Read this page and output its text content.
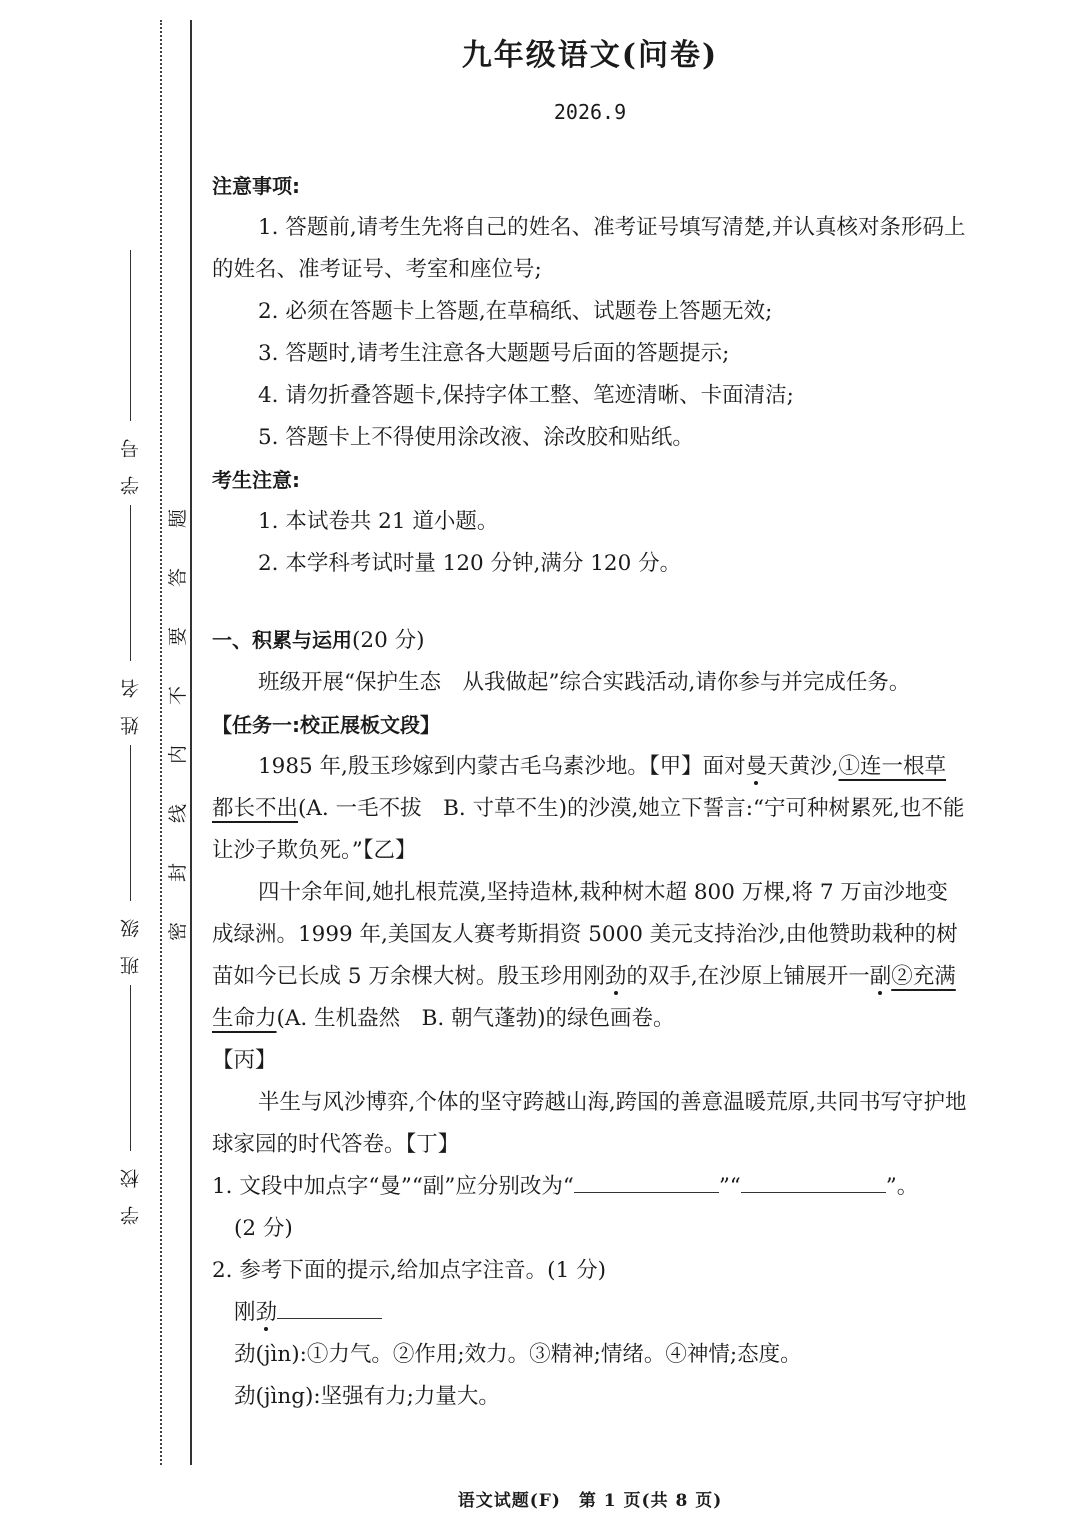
学号
姓名
班级
学校
题
答
要
不
内
线
封
密
九年级语文(问卷)
2026.9

注意事项:

1. 答题前,请考生先将自己的姓名、准考证号填写清楚,并认真核对条形码上的姓名、准考证号、考室和座位号;

2. 必须在答题卡上答题,在草稿纸、试题卷上答题无效;

3. 答题时,请考生注意各大题题号后面的答题提示;

4. 请勿折叠答题卡,保持字体工整、笔迹清晰、卡面清洁;

5. 答题卡上不得使用涂改液、涂改胶和贴纸。

考生注意:

1. 本试卷共 21 道小题。

2. 本学科考试时量 120 分钟,满分 120 分。

一、积累与运用(20 分)

班级开展“保护生态　从我做起”综合实践活动,请你参与并完成任务。

【任务一:校正展板文段】

1985 年,殷玉珍嫁到内蒙古毛乌素沙地。【甲】面对曼天黄沙,①连一根草都长不出(A. 一毛不拔　B. 寸草不生)的沙漠,她立下誓言:“宁可种树累死,也不能让沙子欺负死。”【乙】

四十余年间,她扎根荒漠,坚持造林,栽种树木超 800 万棵,将 7 万亩沙地变成绿洲。1999 年,美国友人赛考斯捐资 5000 美元支持治沙,由他赞助栽种的树苗如今已长成 5 万余棵大树。殷玉珍用刚劲的双手,在沙原上铺展开一副②充满生命力(A. 生机盎然　B. 朝气蓬勃)的绿色画卷。

【丙】

半生与风沙博弈,个体的坚守跨越山海,跨国的善意温暖荒原,共同书写守护地球家园的时代答卷。【丁】

1. 文段中加点字“曼”“副”应分别改为“	”“	”。

(2 分)

2. 参考下面的提示,给加点字注音。(1 分)

刚劲

劲(jìn):①力气。②作用;效力。③精神;情绪。④神情;态度。

劲(jìng):坚强有力;力量大。

语文试题(F)　第 1 页(共 8 页)
